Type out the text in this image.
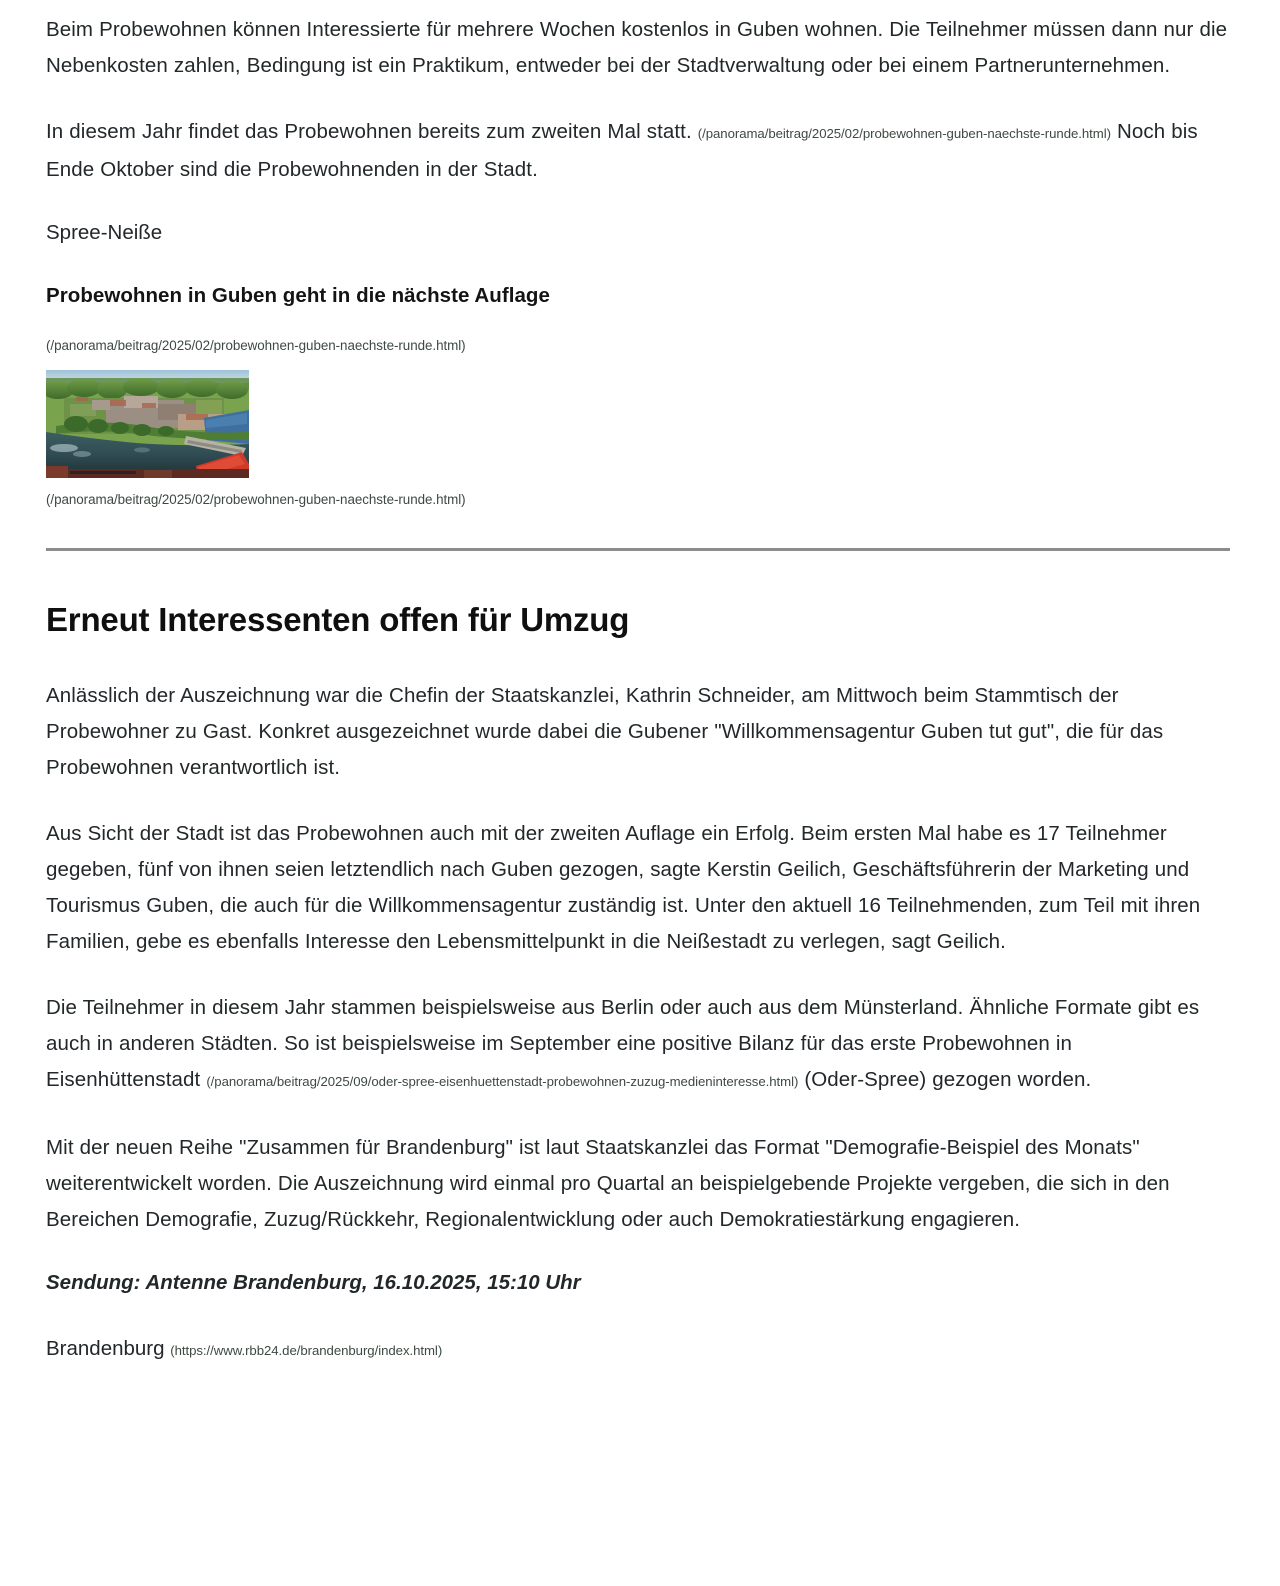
Beim Probewohnen können Interessierte für mehrere Wochen kostenlos in Guben wohnen. Die Teilnehmer müssen dann nur die Nebenkosten zahlen, Bedingung ist ein Praktikum, entweder bei der Stadtverwaltung oder bei einem Partnerunternehmen.

In diesem Jahr findet das Probewohnen bereits zum zweiten Mal statt. (/panorama/beitrag/2025/02/probewohnen-guben-naechste-runde.html) Noch bis Ende Oktober sind die Probewohnenden in der Stadt.

Spree-Neiße

Probewohnen in Guben geht in die nächste Auflage

(/panorama/beitrag/2025/02/probewohnen-guben-naechste-runde.html)

(/panorama/beitrag/2025/02/probewohnen-guben-naechste-runde.html)

Erneut Interessenten offen für Umzug

Anlässlich der Auszeichnung war die Chefin der Staatskanzlei, Kathrin Schneider, am Mittwoch beim Stammtisch der Probewohner zu Gast. Konkret ausgezeichnet wurde dabei die Gubener "Willkommensagentur Guben tut gut", die für das Probewohnen verantwortlich ist.

Aus Sicht der Stadt ist das Probewohnen auch mit der zweiten Auflage ein Erfolg. Beim ersten Mal habe es 17 Teilnehmer gegeben, fünf von ihnen seien letztendlich nach Guben gezogen, sagte Kerstin Geilich, Geschäftsführerin der Marketing und Tourismus Guben, die auch für die Willkommensagentur zuständig ist. Unter den aktuell 16 Teilnehmenden, zum Teil mit ihren Familien, gebe es ebenfalls Interesse den Lebensmittelpunkt in die Neißestadt zu verlegen, sagt Geilich.

Die Teilnehmer in diesem Jahr stammen beispielsweise aus Berlin oder auch aus dem Münsterland. Ähnliche Formate gibt es auch in anderen Städten. So ist beispielsweise im September eine positive Bilanz für das erste Probewohnen in Eisenhüttenstadt (/panorama/beitrag/2025/09/oder-spree-eisenhuettenstadt-probewohnen-zuzug-medieninteresse.html) (Oder-Spree) gezogen worden.

Mit der neuen Reihe "Zusammen für Brandenburg" ist laut Staatskanzlei das Format "Demografie-Beispiel des Monats" weiterentwickelt worden. Die Auszeichnung wird einmal pro Quartal an beispielgebende Projekte vergeben, die sich in den Bereichen Demografie, Zuzug/Rückkehr, Regionalentwicklung oder auch Demokratiestärkung engagieren.

Sendung: Antenne Brandenburg, 16.10.2025, 15:10 Uhr

Brandenburg (https://www.rbb24.de/brandenburg/index.html)
